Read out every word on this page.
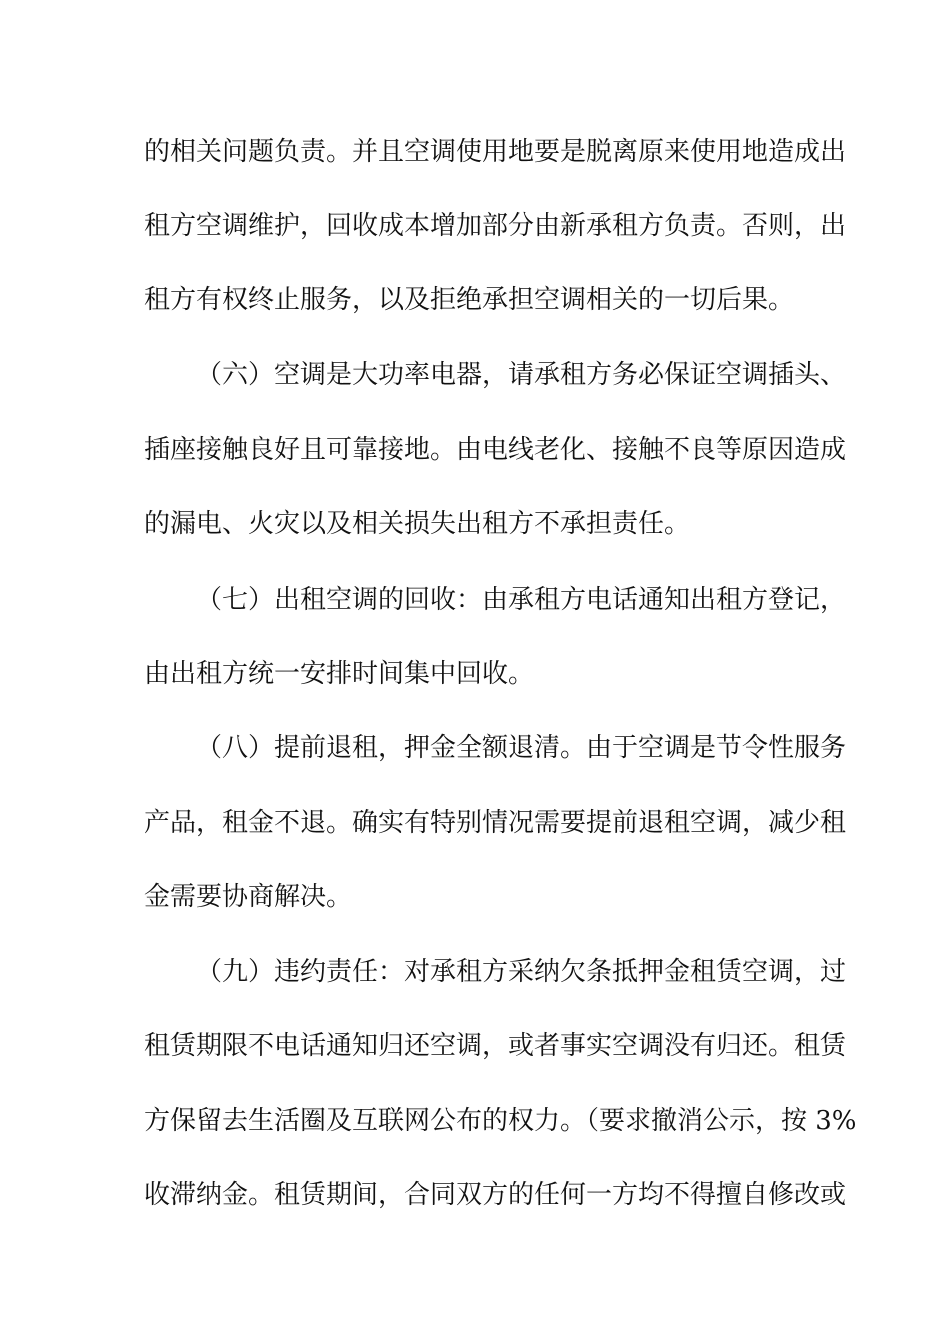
的相关问题负责。并且空调使用地要是脱离原来使用地造成出
租方空调维护，回收成本增加部分由新承租方负责。否则，出
租方有权终止服务，以及拒绝承担空调相关的一切后果。
（六）空调是大功率电器，请承租方务必保证空调插头、
插座接触良好且可靠接地。由电线老化、接触不良等原因造成
的漏电、火灾以及相关损失出租方不承担责任。
（七）出租空调的回收：由承租方电话通知出租方登记，
由出租方统一安排时间集中回收。
（八）提前退租，押金全额退清。由于空调是节令性服务
产品，租金不退。确实有特别情况需要提前退租空调，减少租
金需要协商解决。
（九）违约责任：对承租方采纳欠条抵押金租赁空调，过
租赁期限不电话通知归还空调，或者事实空调没有归还。租赁
方保留去生活圈及互联网公布的权力。（要求撤消公示，按 3%
收滞纳金。租赁期间，合同双方的任何一方均不得擅自修改或
